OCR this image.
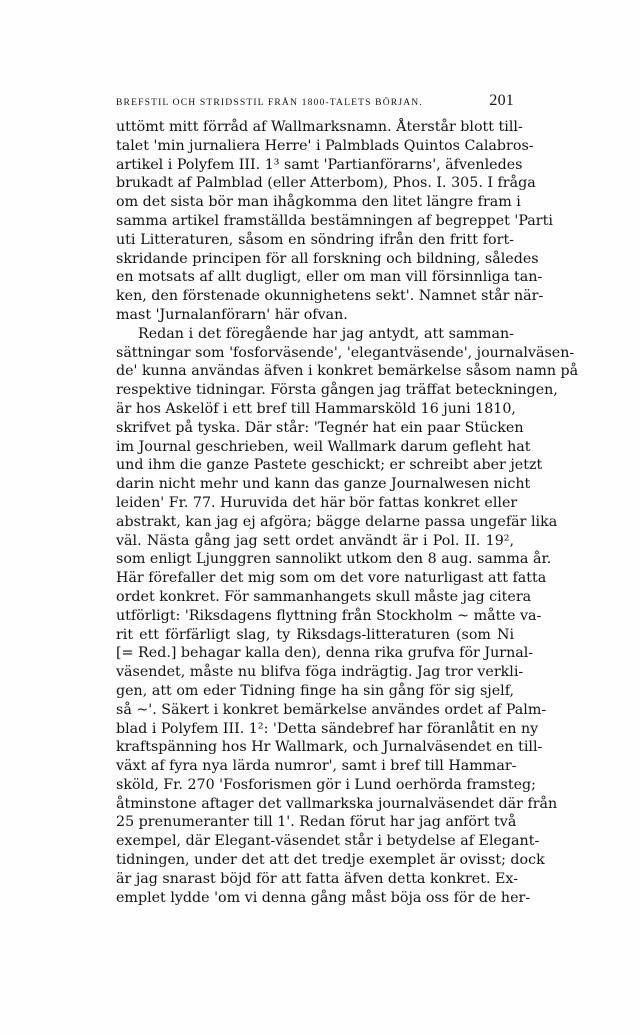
BREFSTIL OCH STRIDSSTIL FRÅN 1800-TALETS BÖRJAN.	201
uttömt mitt förråd af Wallmarksnamn. Återstår blott till-
talet 'min jurnaliera Herre' i Palmblads Quintos Calabros-
artikel i Polyfem III. 1³ samt 'Partianförarns', äfvenledes
brukadt af Palmblad (eller Atterbom), Phos. I. 305. I fråga
om det sista bör man ihågkomma den litet längre fram i
samma artikel framställda bestämningen af begreppet 'Parti
uti Litteraturen, såsom en söndring ifrån den fritt fort-
skridande principen för all forskning och bildning, således
en motsats af allt dugligt, eller om man vill försinnliga tan-
ken, den förstenade okunnighetens sekt'. Namnet står när-
mast 'Jurnalanförarn' här ofvan.
Redan i det föregående har jag antydt, att samman-
sättningar som 'fosforväsende', 'elegantväsende', journalväsen-
de' kunna användas äfven i konkret bemärkelse såsom namn på
respektive tidningar. Första gången jag träffat beteckningen,
är hos Askelöf i ett bref till Hammarsköld 16 juni 1810,
skrifvet på tyska. Där står: 'Tegnér hat ein paar Stücken
im Journal geschrieben, weil Wallmark darum gefleht hat
und ihm die ganze Pastete geschickt; er schreibt aber jetzt
darin nicht mehr und kann das ganze Journalwesen nicht
leiden' Fr. 77. Huruvida det här bör fattas konkret eller
abstrakt, kan jag ej afgöra; bägge delarne passa ungefär lika
väl. Nästa gång jag sett ordet användt är i Pol. II. 19²,
som enligt Ljunggren sannolikt utkom den 8 aug. samma år.
Här förefaller det mig som om det vore naturligast att fatta
ordet konkret. För sammanhangets skull måste jag citera
utförligt: 'Riksdagens flyttning från Stockholm ~ måtte va-
rit ett förfärligt slag, ty Riksdags-litteraturen (som Ni
[= Red.] behagar kalla den), denna rika grufva för Jurnal-
väsendet, måste nu blifva föga indrägtig. Jag tror verkli-
gen, att om eder Tidning finge ha sin gång för sig sjelf,
så ~'. Säkert i konkret bemärkelse användes ordet af Palm-
blad i Polyfem III. 1²: 'Detta sändebref har föranlåtit en ny
kraftspänning hos Hr Wallmark, och Jurnalväsendet en till-
växt af fyra nya lärda numror', samt i bref till Hammar-
sköld, Fr. 270 'Fosforismen gör i Lund oerhörda framsteg;
åtminstone aftager det vallmarkska journalväsendet där från
25 prenumeranter till 1'. Redan förut har jag anfört två
exempel, där Elegant-väsendet står i betydelse af Elegant-
tidningen, under det att det tredje exemplet är ovisst; dock
är jag snarast böjd för att fatta äfven detta konkret. Ex-
emplet lydde 'om vi denna gång måst böja oss för de her-
